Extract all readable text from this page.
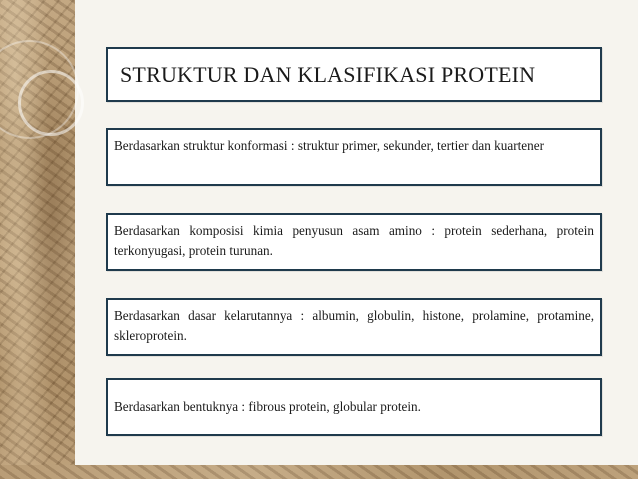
STRUKTUR DAN KLASIFIKASI PROTEIN
Berdasarkan struktur konformasi : struktur primer, sekunder, tertier dan kuartener
Berdasarkan komposisi kimia penyusun asam amino : protein sederhana, protein terkonyugasi, protein turunan.
Berdasarkan dasar kelarutannya : albumin, globulin, histone, prolamine, protamine, skleroprotein.
Berdasarkan bentuknya : fibrous protein, globular protein.
